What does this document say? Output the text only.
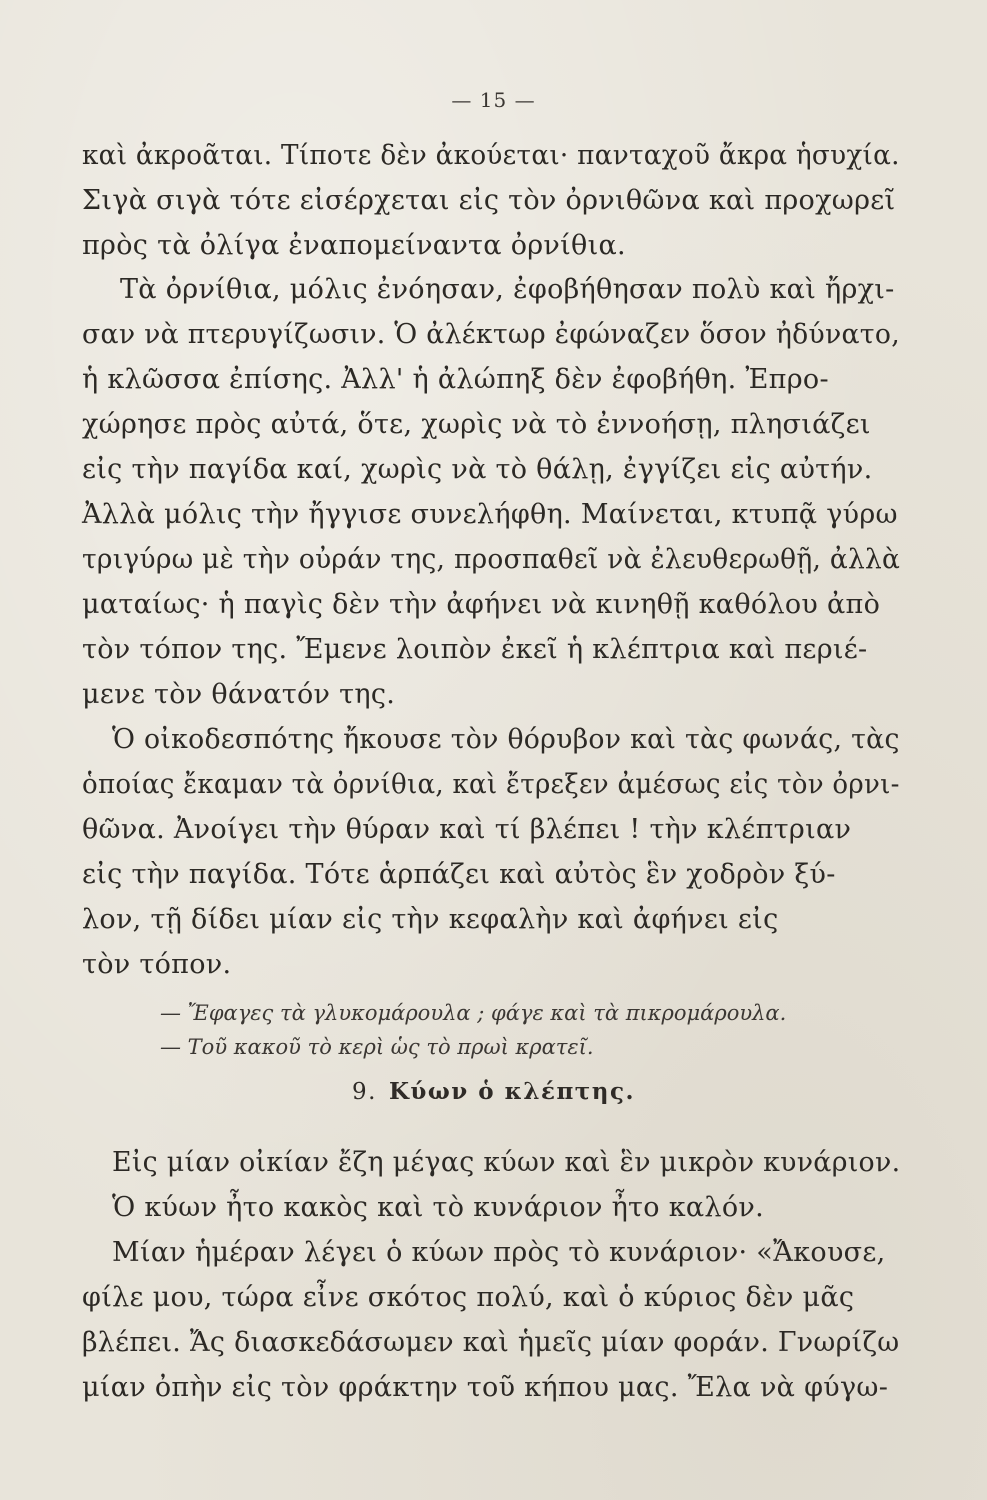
— 15 —
καὶ ἀκροᾶται. Τίποτε δὲν ἀκούεται· πανταχοῦ ἄκρα ἡσυχία.
Σιγὰ σιγὰ τότε εἰσέρχεται εἰς τὸν ὀρνιθῶνα καὶ προχωρεῖ
πρὸς τὰ ὀλίγα ἐναπομείναντα ὀρνίθια.
Τὰ ὀρνίθια, μόλις ἐνόησαν, ἐφοβήθησαν πολὺ καὶ ἤρχι-
σαν νὰ πτερυγίζωσιν. Ὁ ἀλέκτωρ ἐφώναζεν ὅσον ἠδύνατο,
ἡ κλῶσσα ἐπίσης. Ἀλλ' ἡ ἀλώπηξ δὲν ἐφοβήθη. Ἐπρο-
χώρησε πρὸς αὐτά, ὅτε, χωρὶς νὰ τὸ ἐννοήσῃ, πλησιάζει
εἰς τὴν παγίδα καί, χωρὶς νὰ τὸ θάλῃ, ἐγγίζει εἰς αὐτήν.
Ἀλλὰ μόλις τὴν ἤγγισε συνελήφθη. Μαίνεται, κτυπᾷ γύρω
τριγύρω μὲ τὴν οὐράν της, προσπαθεῖ νὰ ἐλευθερωθῇ, ἀλλὰ
ματαίως· ἡ παγὶς δὲν τὴν ἀφήνει νὰ κινηθῇ καθόλου ἀπὸ
τὸν τόπον της. Ἔμενε λοιπὸν ἐκεῖ ἡ κλέπτρια καὶ περιέ-
μενε τὸν θάνατόν της.
Ὁ οἰκοδεσπότης ἤκουσε τὸν θόρυβον καὶ τὰς φωνάς, τὰς
ὁποίας ἔκαμαν τὰ ὀρνίθια, καὶ ἔτρεξεν ἀμέσως εἰς τὸν ὀρνι-
θῶνα. Ἀνοίγει τὴν θύραν καὶ τί βλέπει ! τὴν κλέπτριαν
εἰς τὴν παγίδα. Τότε ἁρπάζει καὶ αὐτὸς ἓν χοδρὸν ξύ-
λον, τῇ δίδει μίαν εἰς τὴν κεφαλὴν καὶ ἀφήνει εἰς
τὸν τόπον.
— Ἔφαγες τὰ γλυκομάρουλα ; φάγε καὶ τὰ πικρομάρουλα.
— Τοῦ κακοῦ τὸ κερὶ ὡς τὸ πρωὶ κρατεῖ.
9. Κύων ὁ κλέπτης.
Εἰς μίαν οἰκίαν ἔζη μέγας κύων καὶ ἓν μικρὸν κυνάριον.
Ὁ κύων ἦτο κακὸς καὶ τὸ κυνάριον ἦτο καλόν.
Μίαν ἡμέραν λέγει ὁ κύων πρὸς τὸ κυνάριον· «Ἄκουσε,
φίλε μου, τώρα εἶνε σκότος πολύ, καὶ ὁ κύριος δὲν μᾶς
βλέπει. Ἄς διασκεδάσωμεν καὶ ἡμεῖς μίαν φοράν. Γνωρίζω
μίαν ὀπὴν εἰς τὸν φράκτην τοῦ κήπου μας. Ἔλα νὰ φύγω-
